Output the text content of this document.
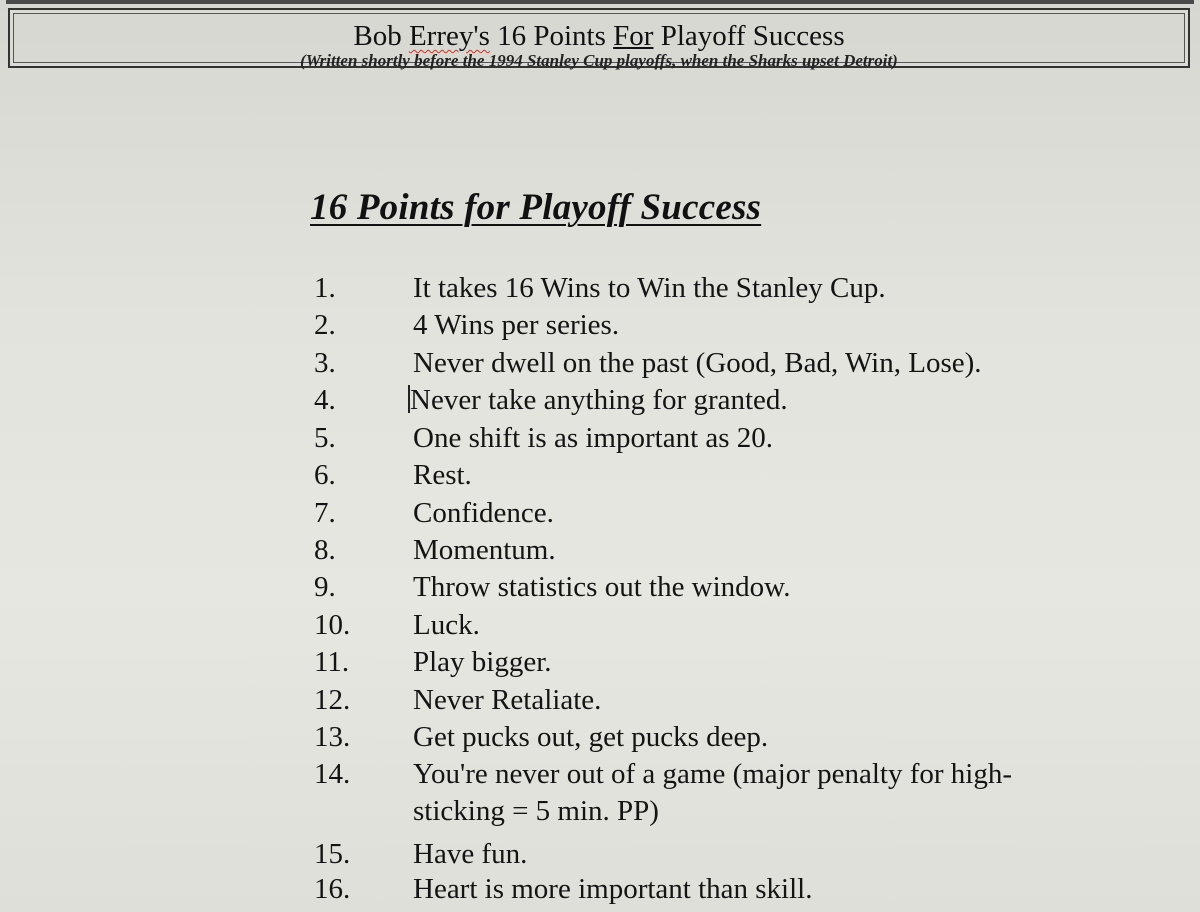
Bob Errey's 16 Points For Playoff Success
(Written shortly before the 1994 Stanley Cup playoffs, when the Sharks upset Detroit)
16 Points for Playoff Success
1.	It takes 16 Wins to Win the Stanley Cup.
2.	4 Wins per series.
3.	Never dwell on the past (Good, Bad, Win, Lose).
4.	Never take anything for granted.
5.	One shift is as important as 20.
6.	Rest.
7.	Confidence.
8.	Momentum.
9.	Throw statistics out the window.
10. Luck.
11. Play bigger.
12. Never Retaliate.
13. Get pucks out, get pucks deep.
14. You're never out of a game (major penalty for high-sticking = 5 min. PP)
15. Have fun.
16. Heart is more important than skill.
